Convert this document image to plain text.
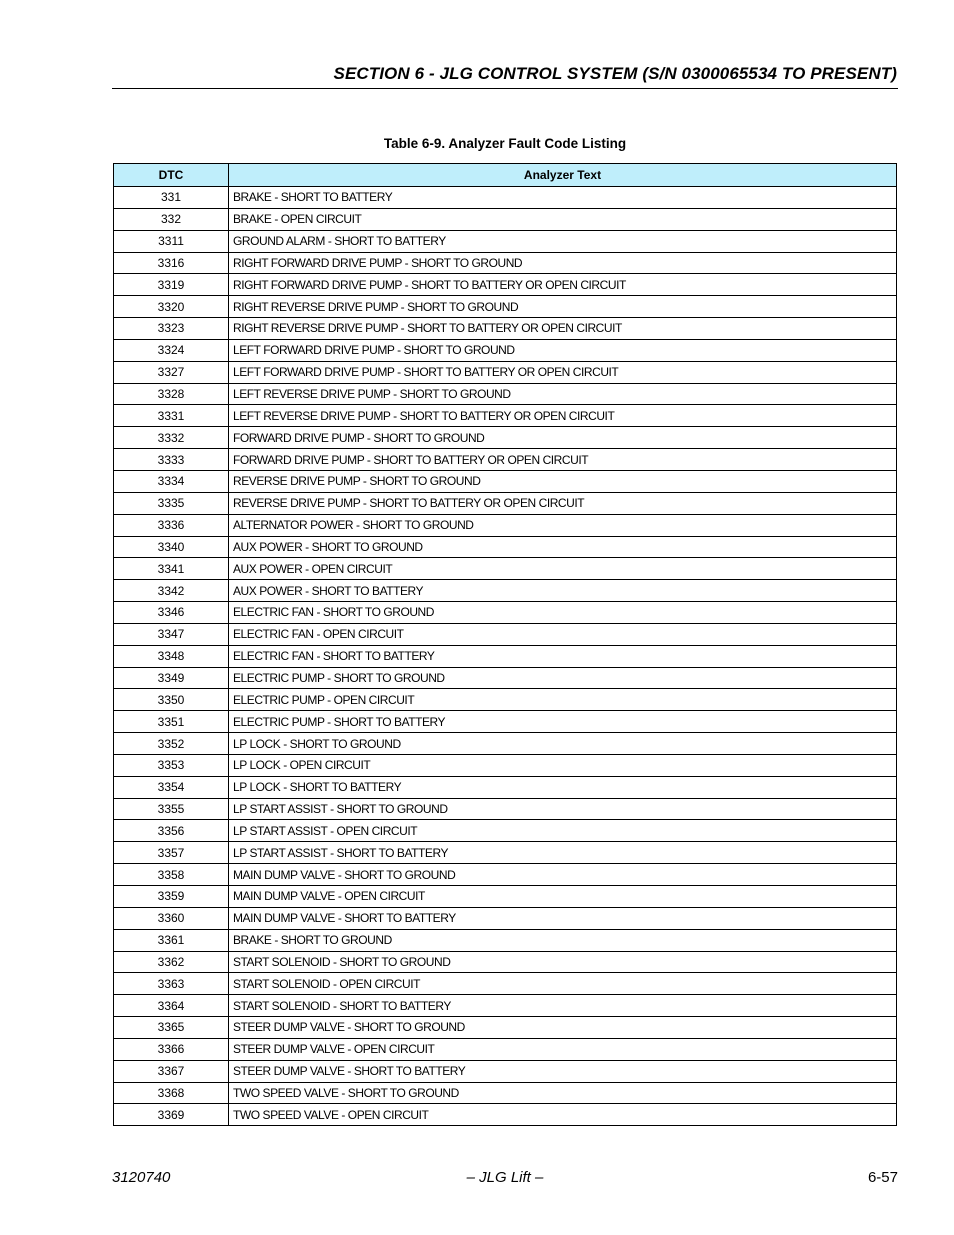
SECTION 6 - JLG CONTROL SYSTEM (S/N 0300065534 TO PRESENT)
Table 6-9. Analyzer Fault Code Listing
DTC	Analyzer Text
331	BRAKE - SHORT TO BATTERY
332	BRAKE - OPEN CIRCUIT
3311	GROUND ALARM - SHORT TO BATTERY
3316	RIGHT FORWARD DRIVE PUMP - SHORT TO GROUND
3319	RIGHT FORWARD DRIVE PUMP - SHORT TO BATTERY OR OPEN CIRCUIT
3320	RIGHT REVERSE DRIVE PUMP - SHORT TO GROUND
3323	RIGHT REVERSE DRIVE PUMP - SHORT TO BATTERY OR OPEN CIRCUIT
3324	LEFT FORWARD DRIVE PUMP - SHORT TO GROUND
3327	LEFT FORWARD DRIVE PUMP - SHORT TO BATTERY OR OPEN CIRCUIT
3328	LEFT REVERSE DRIVE PUMP - SHORT TO GROUND
3331	LEFT REVERSE DRIVE PUMP - SHORT TO BATTERY OR OPEN CIRCUIT
3332	FORWARD DRIVE PUMP - SHORT TO GROUND
3333	FORWARD DRIVE PUMP - SHORT TO BATTERY OR OPEN CIRCUIT
3334	REVERSE DRIVE PUMP - SHORT TO GROUND
3335	REVERSE DRIVE PUMP - SHORT TO BATTERY OR OPEN CIRCUIT
3336	ALTERNATOR POWER - SHORT TO GROUND
3340	AUX POWER - SHORT TO GROUND
3341	AUX POWER - OPEN CIRCUIT
3342	AUX POWER - SHORT TO BATTERY
3346	ELECTRIC FAN - SHORT TO GROUND
3347	ELECTRIC FAN - OPEN CIRCUIT
3348	ELECTRIC FAN - SHORT TO BATTERY
3349	ELECTRIC PUMP - SHORT TO GROUND
3350	ELECTRIC PUMP - OPEN CIRCUIT
3351	ELECTRIC PUMP - SHORT TO BATTERY
3352	LP LOCK - SHORT TO GROUND
3353	LP LOCK - OPEN CIRCUIT
3354	LP LOCK - SHORT TO BATTERY
3355	LP START ASSIST - SHORT TO GROUND
3356	LP START ASSIST - OPEN CIRCUIT
3357	LP START ASSIST - SHORT TO BATTERY
3358	MAIN DUMP VALVE - SHORT TO GROUND
3359	MAIN DUMP VALVE - OPEN CIRCUIT
3360	MAIN DUMP VALVE - SHORT TO BATTERY
3361	BRAKE - SHORT TO GROUND
3362	START SOLENOID - SHORT TO GROUND
3363	START SOLENOID - OPEN CIRCUIT
3364	START SOLENOID - SHORT TO BATTERY
3365	STEER DUMP VALVE - SHORT TO GROUND
3366	STEER DUMP VALVE - OPEN CIRCUIT
3367	STEER DUMP VALVE - SHORT TO BATTERY
3368	TWO SPEED VALVE - SHORT TO GROUND
3369	TWO SPEED VALVE - OPEN CIRCUIT
3120740	– JLG Lift –	6-57
